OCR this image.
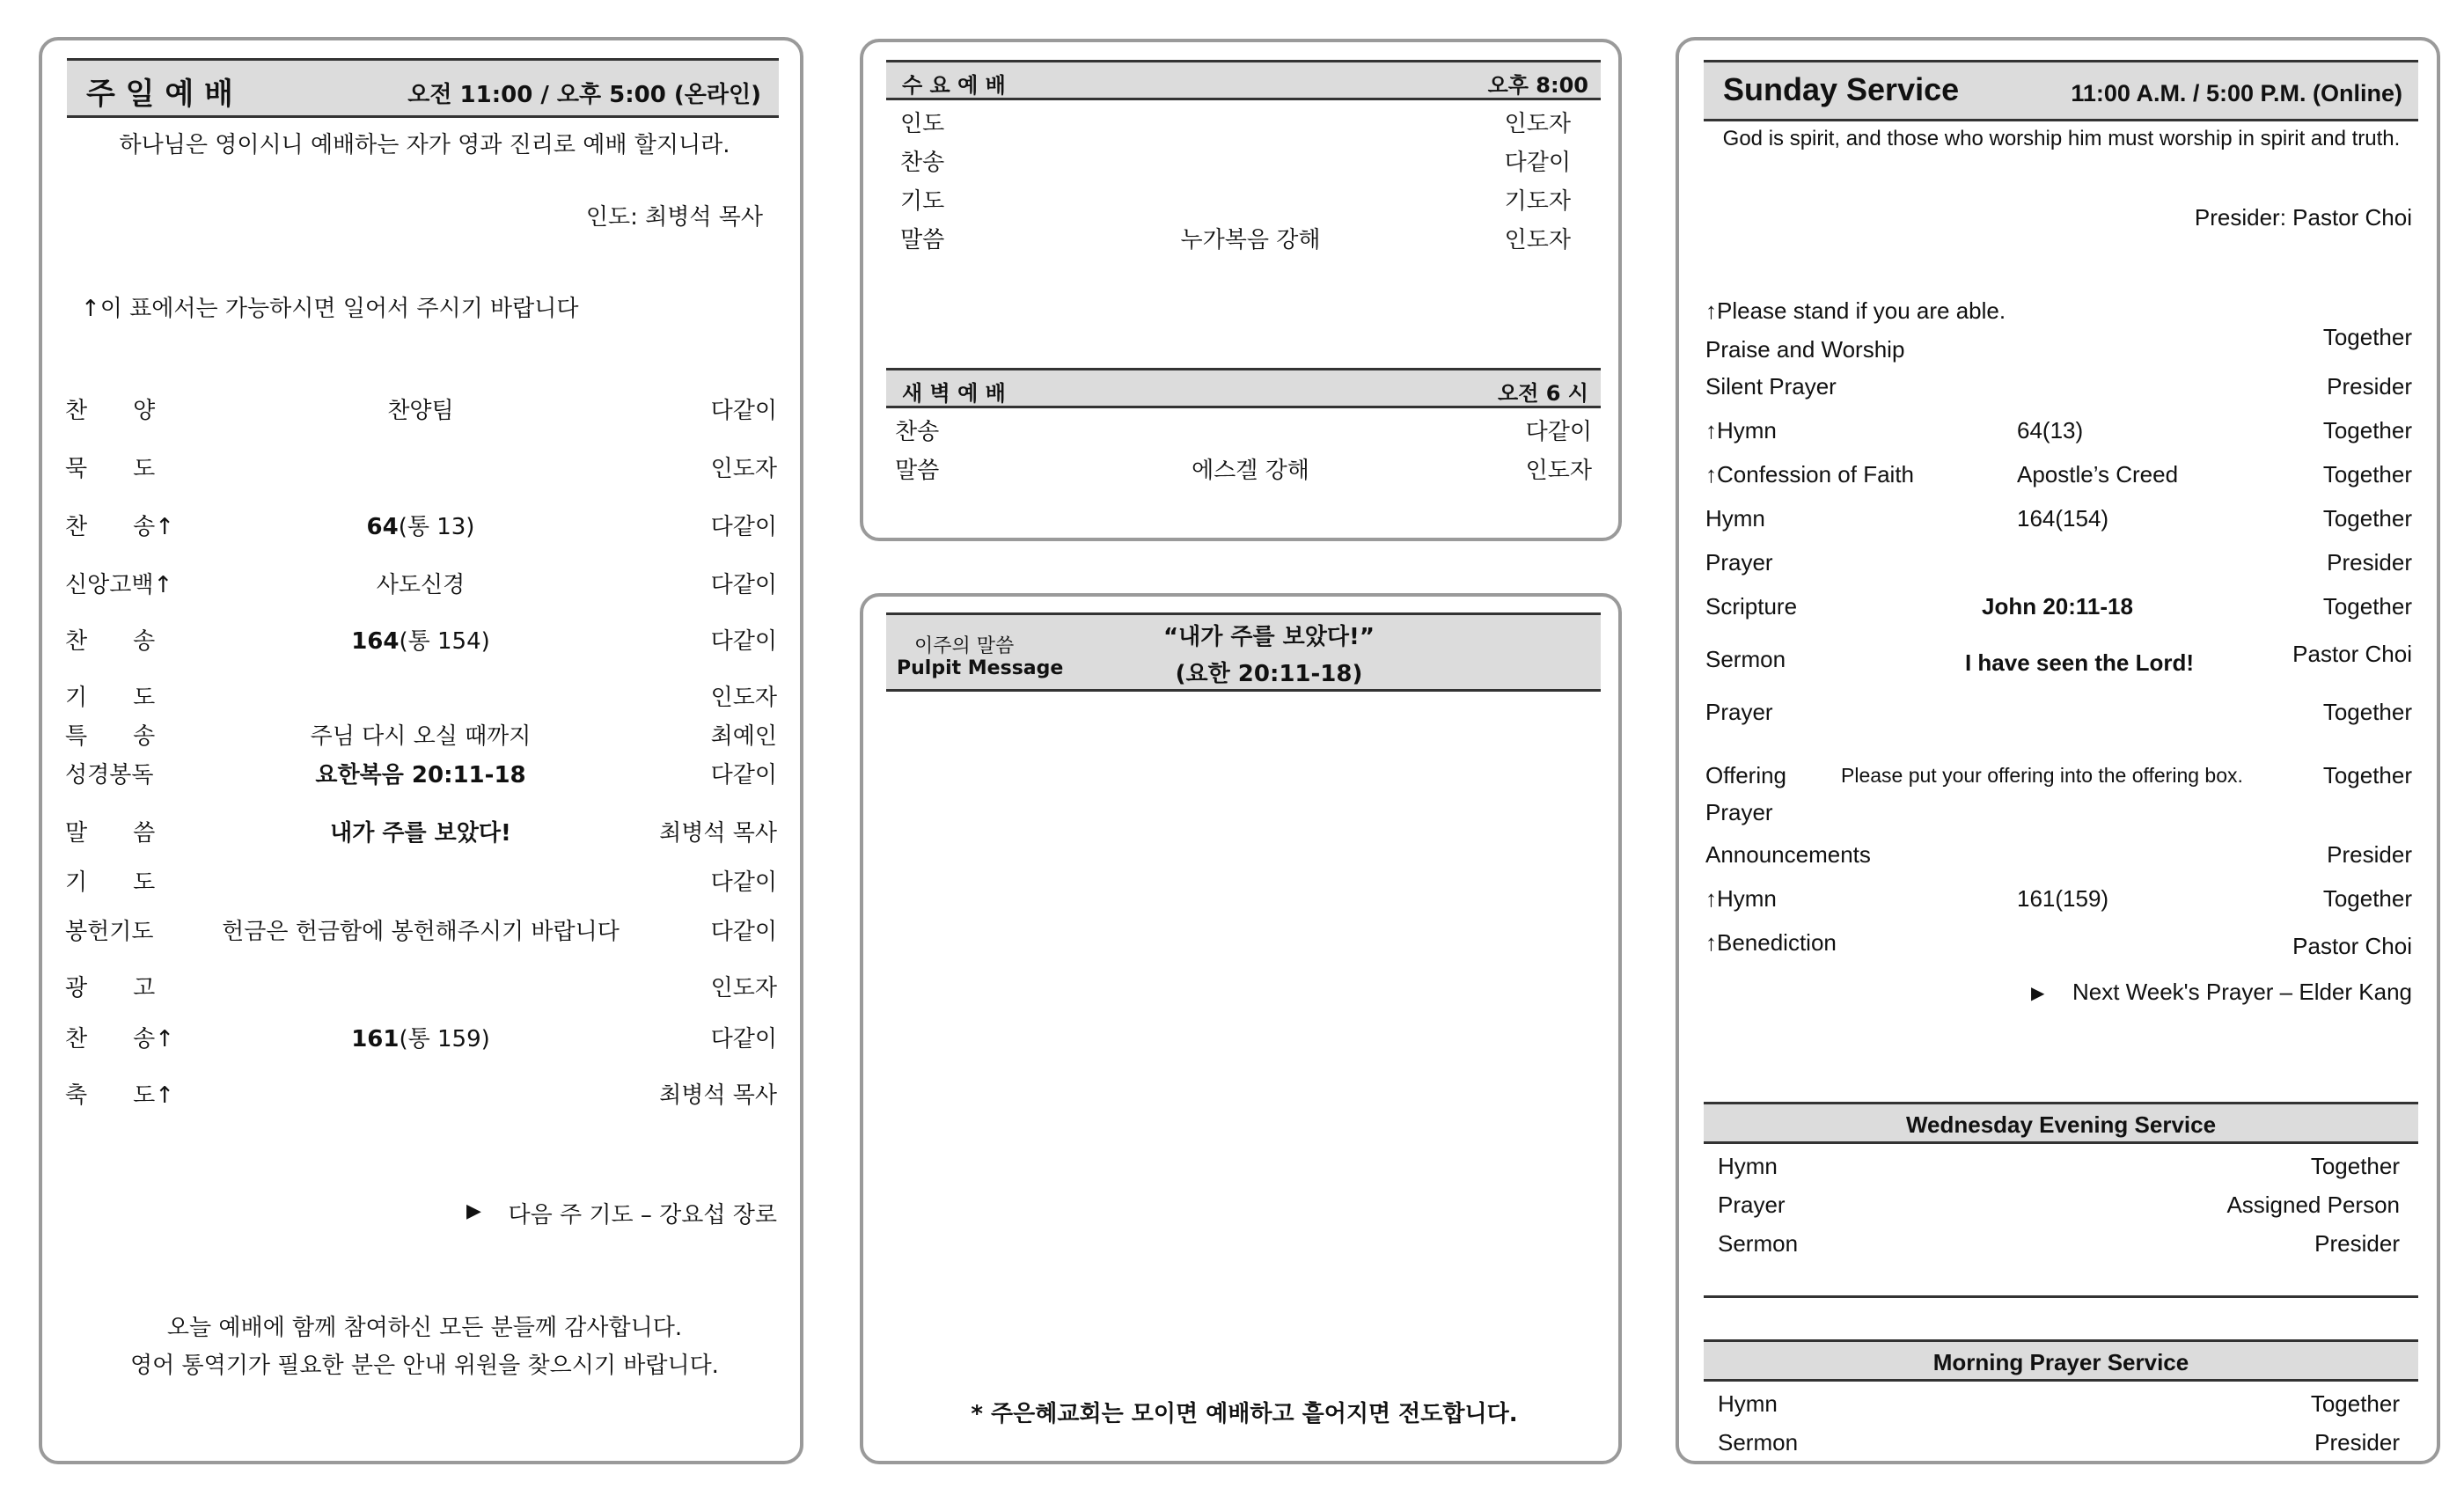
주 일 예 배	오전 11:00 / 오후 5:00 (온라인)
하나님은 영이시니 예배하는 자가 영과 진리로 예배 할지니라.
인도: 최병석 목사
↑이 표에서는 가능하시면 일어서 주시기 바랍니다
찬　　양	찬양팀	다같이
묵　　도	인도자
찬　　송↑	64(통 13)	다같이
신앙고백↑	사도신경	다같이
찬　　송	164(통 154)	다같이
기　　도	인도자
특　　송	주님 다시 오실 때까지	최예인
성경봉독	요한복음 20:11-18	다같이
말　　씀	내가 주를 보았다!	최병석 목사
기　　도	다같이
봉헌기도	헌금은 헌금함에 봉헌해주시기 바랍니다	다같이
광　　고	인도자
찬　　송↑	161(통 159)	다같이
축　　도↑	최병석 목사
▶ 다음 주 기도 – 강요섭 장로
오늘 예배에 함께 참여하신 모든 분들께 감사합니다.
영어 통역기가 필요한 분은 안내 위원을 찾으시기 바랍니다.
수 요 예 배	오후 8:00
인도	인도자
찬송	다같이
기도	기도자
말씀	누가복음 강해	인도자
새 벽 예 배	오전 6 시
찬송	다같이
말씀	에스겔 강해	인도자
이주의 말씀
Pulpit Message
“내가 주를 보았다!”
(요한 20:11-18)
* 주은혜교회는 모이면 예배하고 흩어지면 전도합니다.
Sunday Service	11:00 A.M. / 5:00 P.M. (Online)
God is spirit, and those who worship him must worship in spirit and truth.
Presider: Pastor Choi
↑Please stand if you are able.
Praise and Worship	Together
Silent Prayer	Presider
↑Hymn	64(13)	Together
↑Confession of Faith	Apostle’s Creed	Together
Hymn	164(154)	Together
Prayer	Presider
Scripture	John 20:11-18	Together
Sermon	I have seen the Lord!	Pastor Choi
Prayer	Together
Offering	Please put your offering into the offering box.	Together
Prayer
Announcements	Presider
↑Hymn	161(159)	Together
↑Benediction	Pastor Choi
▶ Next Week's Prayer – Elder Kang
Wednesday Evening Service
Hymn	Together
Prayer	Assigned Person
Sermon	Presider
Morning Prayer Service
Hymn	Together
Sermon	Presider
